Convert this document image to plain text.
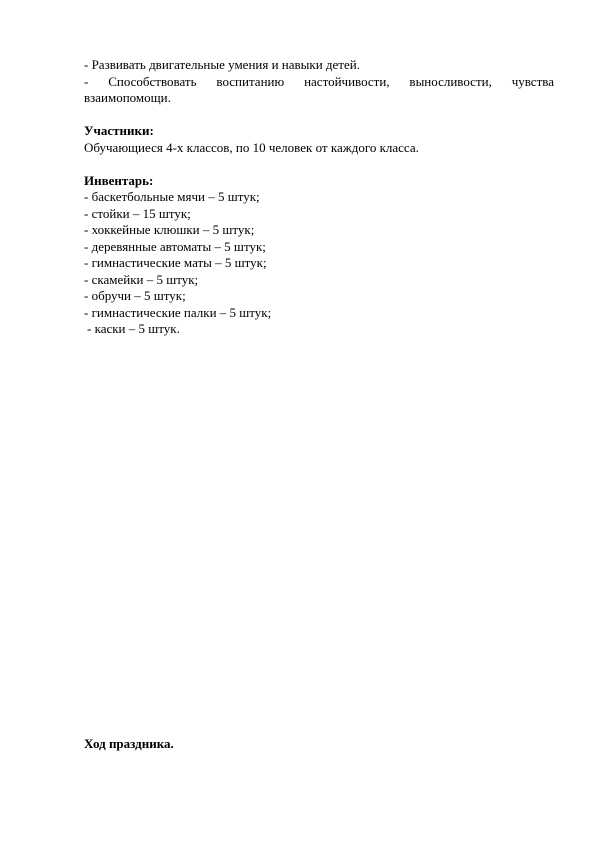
- Развивать двигательные умения и навыки детей.
- Способствовать воспитанию настойчивости, выносливости, чувства
взаимопомощи.
Участники:
Обучающиеся 4-х классов, по 10 человек от каждого класса.
Инвентарь:
- баскетбольные мячи – 5 штук;
- стойки – 15 штук;
- хоккейные клюшки – 5 штук;
- деревянные автоматы – 5 штук;
- гимнастические маты – 5 штук;
- скамейки – 5 штук;
- обручи – 5 штук;
- гимнастические палки – 5 штук;
- каски – 5 штук.
Ход праздника.
